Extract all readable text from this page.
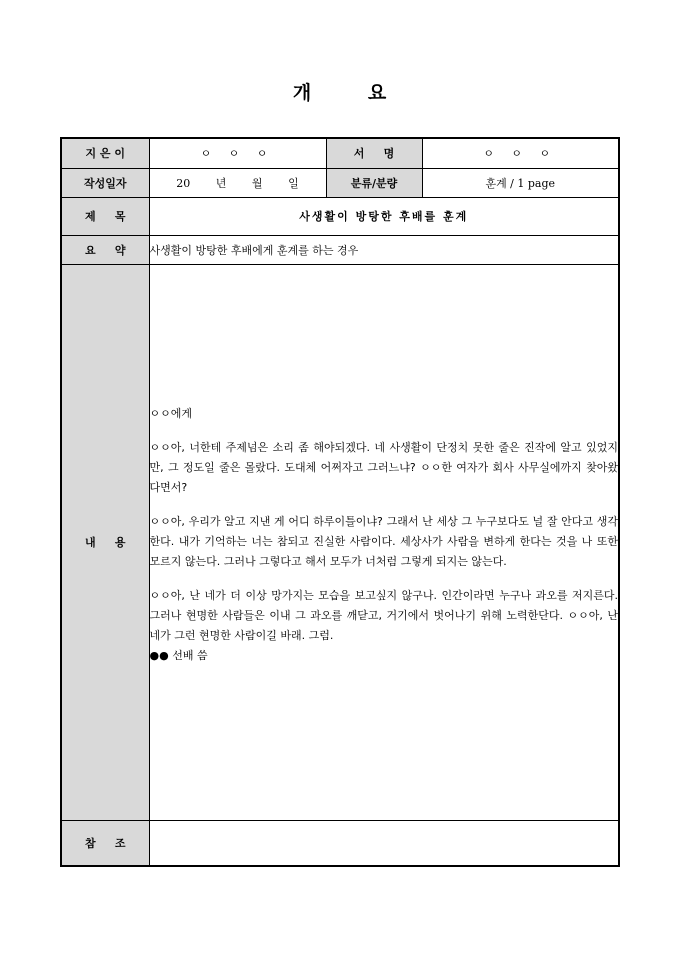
개	요
지 은 이	ㅇ ㅇ ㅇ	서     명	ㅇ ㅇ ㅇ
작성일자	20 년 월 일	분류/분량	훈계 / 1 page
제     목	사생활이 방탕한 후배를 훈계		
요     약	사생활이 방탕한 후배에게 훈계를 하는 경우		
내     용	ㅇㅇ에게

ㅇㅇ아, 너한테 주제넘은 소리 좀 해야되겠다. 네 사생활이 단정치 못한 줄은 진작에 알고 있었지만, 그 정도일 줄은 몰랐다. 도대체 어쩌자고 그러느냐? ㅇㅇ한 여자가 회사 사무실에까지 찾아왔다면서?

ㅇㅇ아, 우리가 알고 지낸 게 어디 하루이틀이냐? 그래서 난 세상 그 누구보다도 널 잘 안다고 생각한다. 내가 기억하는 너는 참되고 진실한 사람이다. 세상사가 사람을 변하게 한다는 것을 나 또한 모르지 않는다. 그러나 그렇다고 해서 모두가 너처럼 그렇게 되지는 않는다.

ㅇㅇ아, 난 네가 더 이상 망가지는 모습을 보고싶지 않구나. 인간이라면 누구나 과오를 저지른다. 그러나 현명한 사람들은 이내 그 과오를 깨닫고, 거기에서 벗어나기 위해 노력한단다. ㅇㅇ아, 난 네가 그런 현명한 사람이길 바래. 그럼.

●● 선배 씀		

참     조			
